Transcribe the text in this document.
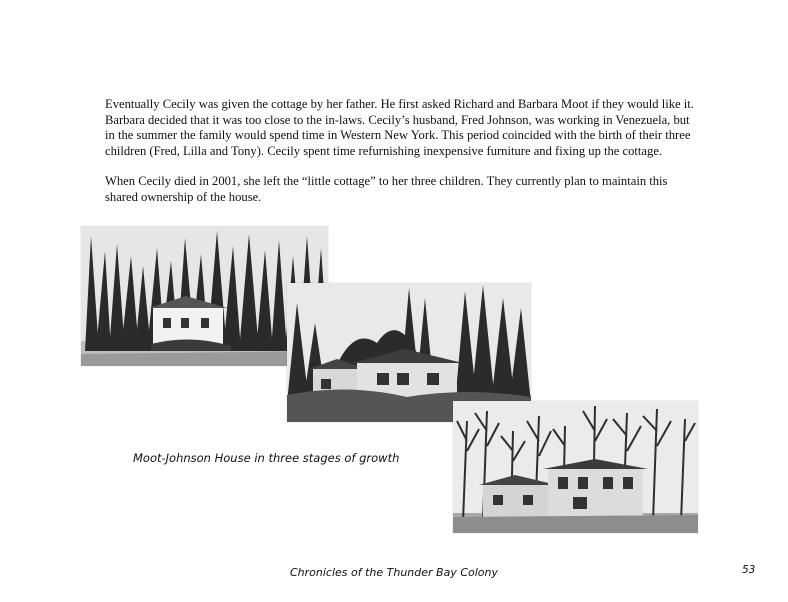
Eventually Cecily was given the cottage by her father. He first asked Richard and Barbara Moot if they would like it. Barbara decided that it was too close to the in-laws. Cecily’s husband, Fred Johnson, was working in Venezuela, but in the summer the family would spend time in Western New York. This period coincided with the birth of their three children (Fred, Lilla and Tony). Cecily spent time refurnishing inexpensive furniture and fixing up the cottage.

When Cecily died in 2001, she left the “little cottage” to her three children. They currently plan to maintain this shared ownership of the house.

Moot-Johnson House in three stages of growth
Chronicles of the Thunder Bay Colony	53
